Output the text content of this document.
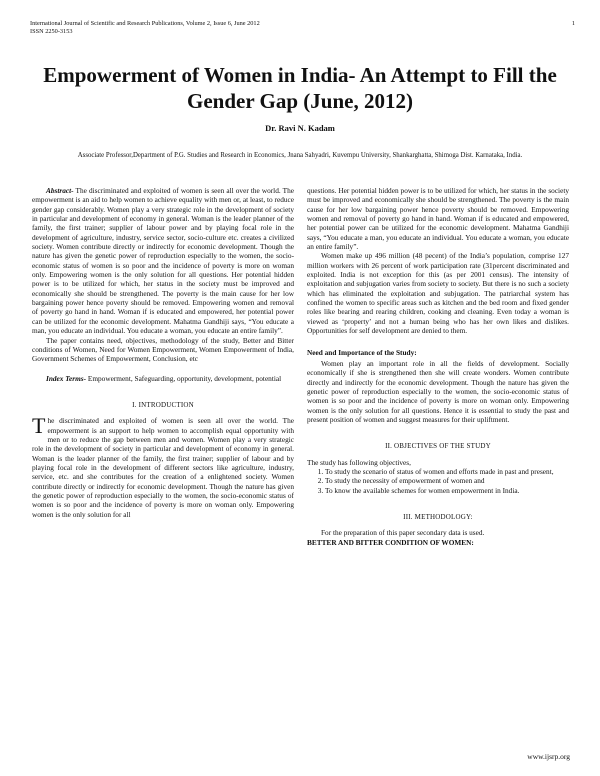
International Journal of Scientific and Research Publications, Volume 2, Issue 6, June 2012
ISSN 2250-3153
1
Empowerment of Women in India- An Attempt to Fill the Gender Gap (June, 2012)
Dr. Ravi N. Kadam
Associate Professor,Department of P.G. Studies and Research in Economics, Jnana Sahyadri, Kuvempu University, Shankarghatta, Shimoga Dist. Karnataka, India.

Abstract- The discriminated and exploited of women is seen all over the world. The empowerment is an aid to help women to achieve equality with men or, at least, to reduce gender gap considerably. Women play a very strategic role in the development of society in particular and development of economy in general. Woman is the leader planner of the family, the first trainer; supplier of labour power and by playing focal role in the development of agriculture, industry, service sector, socio-culture etc. creates a civilized society. Women contribute directly or indirectly for economic development. Though the nature has given the genetic power of reproduction especially to the women, the socio-economic status of women is so poor and the incidence of poverty is more on woman only. Empowering women is the only solution for all questions. Her potential hidden power is to be utilized for which, her status in the society must be improved and economically she should be strengthened. The poverty is the main cause for her low bargaining power hence poverty should be removed. Empowering women and removal of poverty go hand in hand. Woman if is educated and empowered, her potential power can be utilized for the economic development. Mahatma Gandhiji says, “You educate a man, you educate an individual. You educate a woman, you educate an entire family”.

The paper contains need, objectives, methodology of the study, Better and Bitter conditions of Women, Need for Women Empowerment, Women Empowerment of India, Government Schemes of Empowerment, Conclusion, etc

Index Terms- Empowerment, Safeguarding, opportunity, development, potential

I. INTRODUCTION

The discriminated and exploited of women is seen all over the world. The empowerment is an support to help women to accomplish equal opportunity with men or to reduce the gap between men and women. Women play a very strategic role in the development of society in particular and development of economy in general. Woman is the leader planner of the family, the first trainer; supplier of labour and by playing focal role in the development of different sectors like agriculture, industry, service, etc. and she contributes for the creation of a enlightened society. Women contribute directly or indirectly for economic development. Though the nature has given the genetic power of reproduction especially to the women, the socio-economic status of women is so poor and the incidence of poverty is more on woman only. Empowering women is the only solution for all

questions. Her potential hidden power is to be utilized for which, her status in the society must be improved and economically she should be strengthened. The poverty is the main cause for her low bargaining power hence poverty should be removed. Empowering women and removal of poverty go hand in hand. Woman if is educated and empowered, her potential power can be utilized for the economic development. Mahatma Gandhiji says, “You educate a man, you educate an individual. You educate a woman, you educate an entire family”.

Women make up 496 million (48 pecent) of the India’s population, comprise 127 million workers with 26 percent of work participation rate (31percent discriminated and exploited. India is not exception for this (as per 2001 census). The intensity of exploitation and subjugation varies from society to society. But there is no such a society which has eliminated the exploitation and subjugation. The patriarchal system has confined the women to specific areas such as kitchen and the bed room and fixed gender roles like bearing and rearing children, cooking and cleaning. Even today a woman is viewed as ‘property’ and not a human being who has her own likes and dislikes. Opportunities for self development are denied to them.

Need and Importance of the Study:

Women play an important role in all the fields of development. Socially economically if she is strengthened then she will create wonders. Women contribute directly and indirectly for the economic development. Though the nature has given the genetic power of reproduction especially to the women, the socio-economic status of women is so poor and the incidence of poverty is more on woman only. Empowering women is the only solution for all questions. Hence it is essential to study the past and present position of women and suggest measures for their upliftment.

II. OBJECTIVES OF THE STUDY

The study has following objectives,

1. To study the scenario of status of women and efforts made in past and present,
2. To study the necessity of empowerment of women and
3. To know the available schemes for women empowerment in India.

III. METHODOLOGY:

For the preparation of this paper secondary data is used.

BETTER AND BITTER CONDITION OF WOMEN:

www.ijsrp.org
